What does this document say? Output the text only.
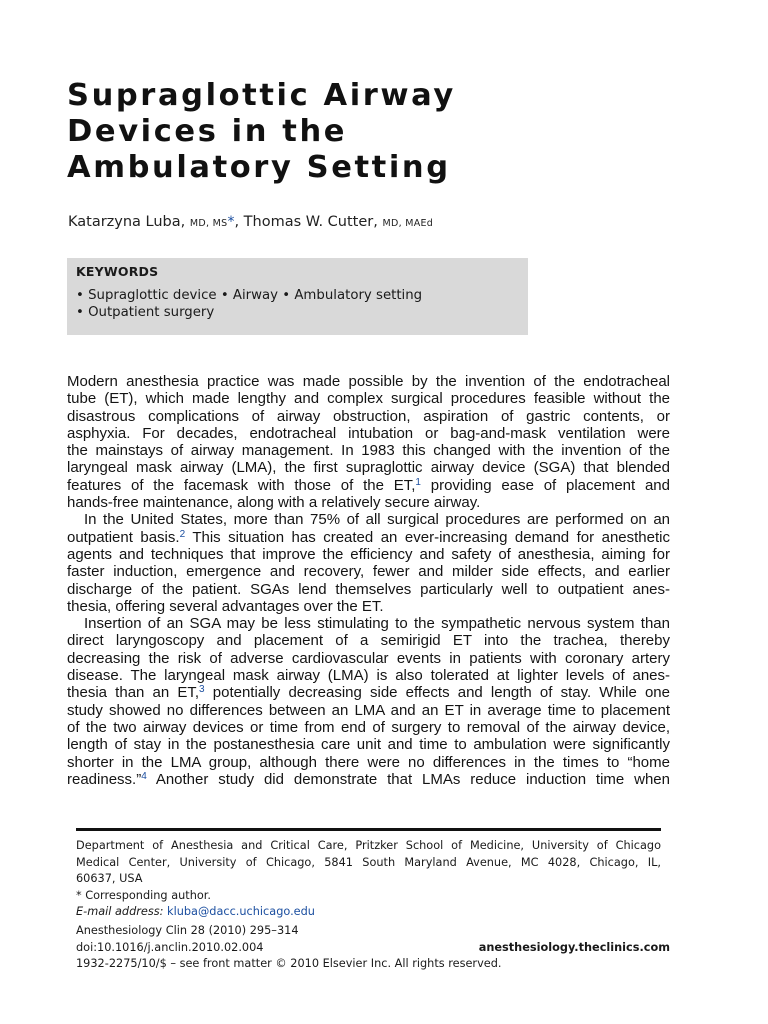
Supraglottic Airway
Devices in the
Ambulatory Setting
Katarzyna Luba, MD, MS*, Thomas W. Cutter, MD, MAEd
KEYWORDS
• Supraglottic device • Airway • Ambulatory setting
• Outpatient surgery
Modern anesthesia practice was made possible by the invention of the endotracheal
tube (ET), which made lengthy and complex surgical procedures feasible without the
disastrous complications of airway obstruction, aspiration of gastric contents, or
asphyxia. For decades, endotracheal intubation or bag-and-mask ventilation were
the mainstays of airway management. In 1983 this changed with the invention of the
laryngeal mask airway (LMA), the first supraglottic airway device (SGA) that blended
features of the facemask with those of the ET,$^1$ providing ease of placement and
hands-free maintenance, along with a relatively secure airway.
In the United States, more than 75% of all surgical procedures are performed on an
outpatient basis.$^2$ This situation has created an ever-increasing demand for anesthetic
agents and techniques that improve the efficiency and safety of anesthesia, aiming for
faster induction, emergence and recovery, fewer and milder side effects, and earlier
discharge of the patient. SGAs lend themselves particularly well to outpatient anes-
thesia, offering several advantages over the ET.
Insertion of an SGA may be less stimulating to the sympathetic nervous system than
direct laryngoscopy and placement of a semirigid ET into the trachea, thereby
decreasing the risk of adverse cardiovascular events in patients with coronary artery
disease. The laryngeal mask airway (LMA) is also tolerated at lighter levels of anes-
thesia than an ET,$^3$ potentially decreasing side effects and length of stay. While one
study showed no differences between an LMA and an ET in average time to placement
of the two airway devices or time from end of surgery to removal of the airway device,
length of stay in the postanesthesia care unit and time to ambulation were significantly
shorter in the LMA group, although there were no differences in the times to “home
readiness.”$^4$ Another study did demonstrate that LMAs reduce induction time when
Department of Anesthesia and Critical Care, Pritzker School of Medicine, University of Chicago
Medical Center, University of Chicago, 5841 South Maryland Avenue, MC 4028, Chicago, IL,
60637, USA
* Corresponding author.
E-mail address: kluba@dacc.uchicago.edu
Anesthesiology Clin 28 (2010) 295–314
doi:10.1016/j.anclin.2010.02.004	anesthesiology.theclinics.com
1932-2275/10/$ – see front matter © 2010 Elsevier Inc. All rights reserved.
